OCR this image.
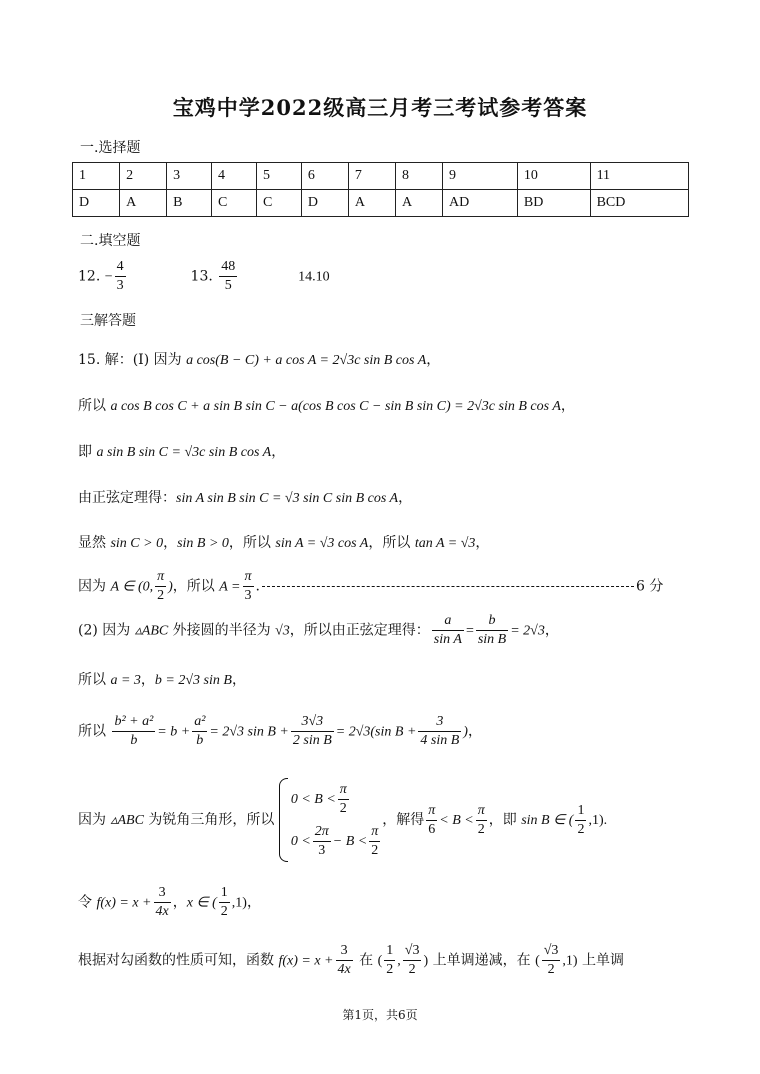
宝鸡中学2022级高三月考三考试参考答案
一.选择题
1	2	3	4	5	6	7	8	9	10	11
D	A	B	C	C	D	A	A	AD	BD	BCD
二.填空题
12. − $\frac{4}{3}$	13. $\frac{48}{5}$	14.10
三解答题
15. 解：(I) 因为 a cos(B − C) + a cos A = 2√3c sin B cos A，
所以 a cos B cos C + a sin B sin C − a(cos B cos C − sin B sin C) = 2√3c sin B cos A，
即 a sin B sin C = √3c sin B cos A，
由正弦定理得：sin A sin B sin C = √3 sin C sin B cos A，
显然 sin C > 0，sin B > 0，所以 sin A = √3 cos A，所以 tan A = √3，
因为 A ∈ (0, $\frac{\pi}{2}$ )，所以 $A = \frac{\pi}{3}$ .	6 分
(2) 因为 ▵ABC 外接圆的半径为 √3，所以由正弦定理得： $\frac{a}{\text{sin A}} = \frac{b}{\text{sin B}} = 2√3$，
所以 a = 3，b = 2√3 sin B，
所以 $\frac{\text{b² + a²}}{b} = b + \frac{\text{a²}}{b} = 2√3$ $\sin B + \frac{3√3}{\text{2 sin B}} = 2√3(\sin$ $B + \frac{3}{\text{4 sin B}}$ )，
因为 ▵ABC 为锐角三角形，所以
$0 < B < \frac{\pi}{2}$
$0 < \frac{2\pi}{3} - B < \frac{\pi}{2}$
，解得 $\frac{\pi}{6} < B < \frac{\pi}{2}$ ，即 sin B ∈ ( $\frac{1}{2} ,1$).
令 $f(x) = x + \frac{3}{4x}$ ，x ∈ ( $\frac{1}{2} ,1$)，
根据对勾函数的性质可知，函数 $f(x) = x + \frac{3}{4x}$ 在 ( $\frac{1}{2}$ , $\frac{√3}{2}$ ) 上单调递减，在 ( $\frac{√3}{2} ,1$) 上单调
第1页，共6页
